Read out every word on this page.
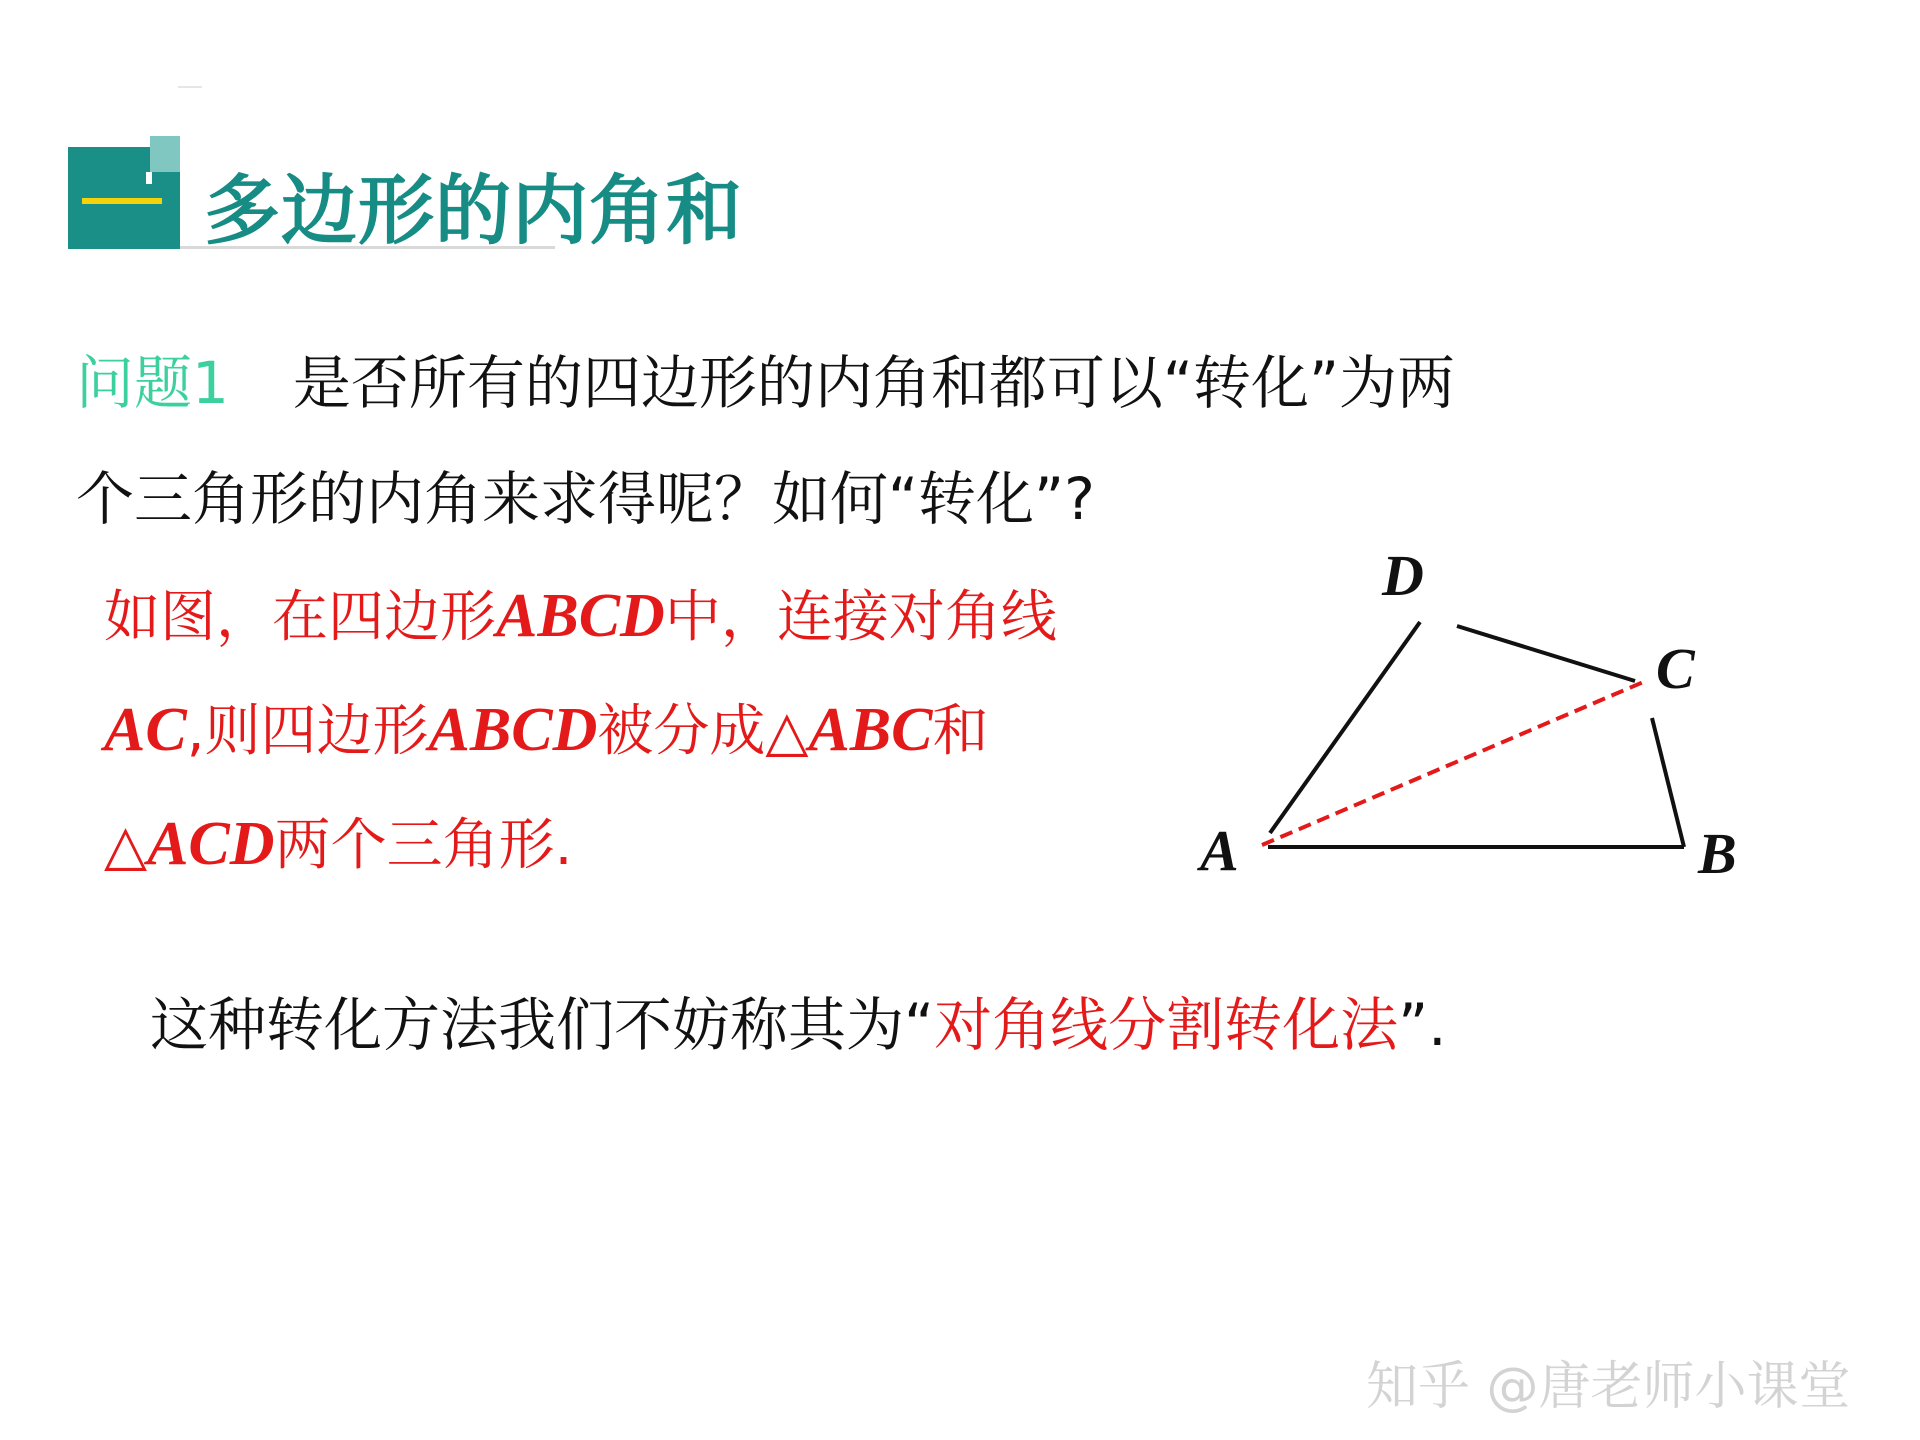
多边形的内角和
问题1 是否所有的四边形的内角和都可以“转化”为两
个三角形的内角来求得呢？如何“转化”?
如图，在四边形ABCD中，连接对角线
AC,则四边形ABCD被分成△ABC和
△ACD两个三角形.
D
C
B
A
这种转化方法我们不妨称其为“对角线分割转化法”.
知乎 @唐老师小课堂
